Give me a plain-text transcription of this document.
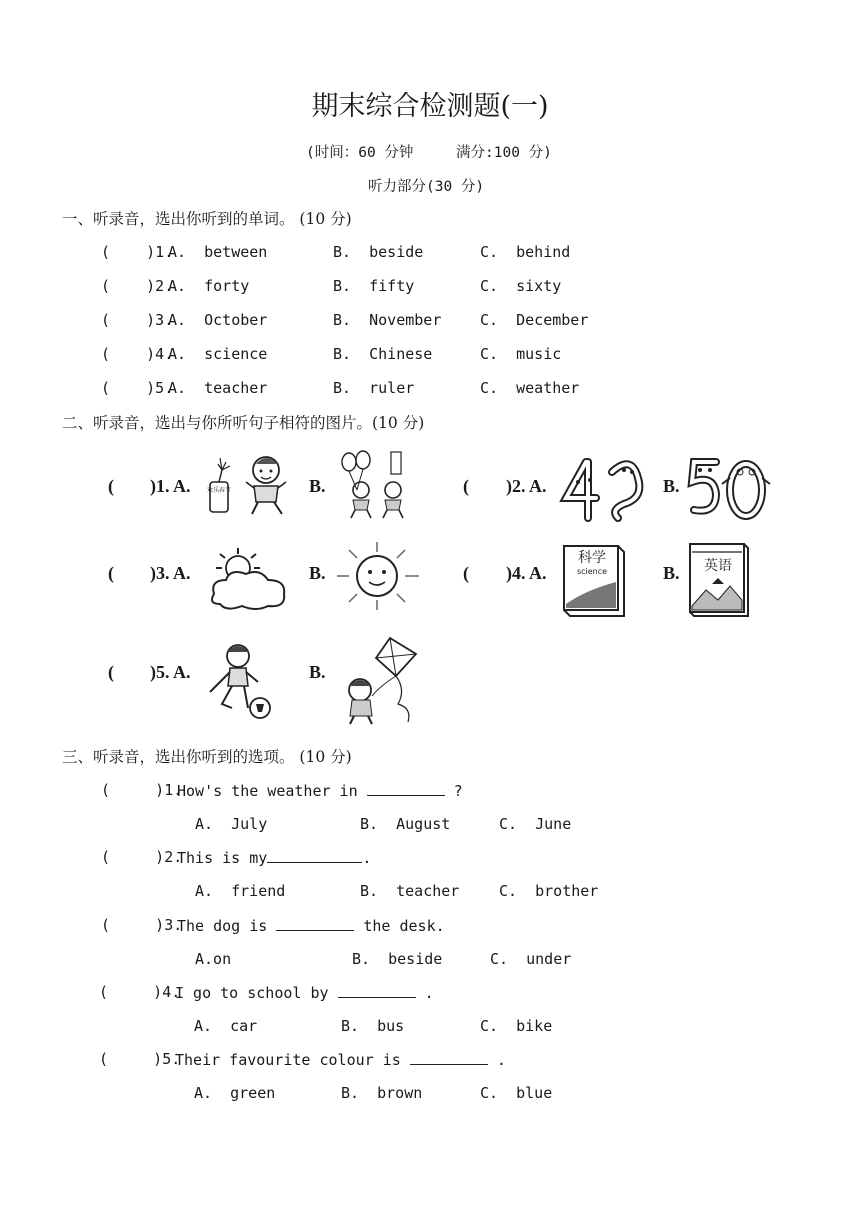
期末综合检测题(一)
(时间：60 分钟	满分:100 分)
听力部分(30 分)
一、听录音，选出你听到的单词。 (10 分)
(    )1.
A.  between	B.  beside	C.  behind
(    )2.
A.  forty	B.  fifty	C.  sixty
(    )3.
A.  October	B.  November	C.  December
(    )4.
A.  science	B.  Chinese	C.  music
(    )5.
A.  teacher	B.  ruler	C.  weather
二、听录音，选出与你所听句子相符的图片。(10 分)
( )1. A.	欢乐春节	B.	( )2. A.	B.
( )3. A.	B.	( )4. A.
科学
science	B. 英语
( )5. A.	B.
三、听录音，选出你听到的选项。 (10 分)
(     )1.
How's the weather in	?
A.  July	B.  August	C.  June
(     )2.
This is my	.
A.  friend	B.  teacher	C.  brother
(     )3.
The dog is	the desk.
A.on	B.  beside	C.  under
(     )4.
I go to school by	.
A.  car	B.  bus	C.  bike
(     )5.
Their favourite colour is	.
A.  green	B.  brown	C.  blue
